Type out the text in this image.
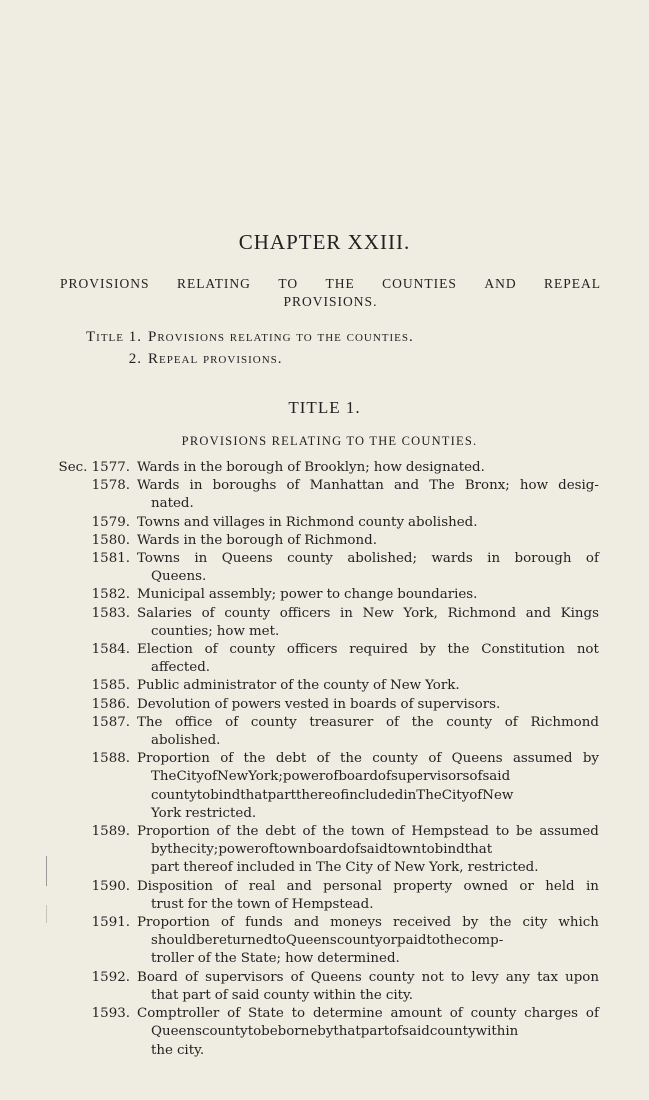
CHAPTER XXIII.
PROVISIONS RELATING TO THE COUNTIES AND REPEAL
PROVISIONS.
Title 1. Provisions relating to the counties.
2. Repeal provisions.
TITLE 1.
PROVISIONS RELATING TO THE COUNTIES.
Sec. 1577. Wards in the borough of Brooklyn; how designated.
1578. Wards in boroughs of Manhattan and The Bronx; how desig-
nated.
1579. Towns and villages in Richmond county abolished.
1580. Wards in the borough of Richmond.
1581. Towns in Queens county abolished; wards in borough of
Queens.
1582. Municipal assembly; power to change boundaries.
1583. Salaries of county officers in New York, Richmond and Kings
counties; how met.
1584. Election of county officers required by the Constitution not
affected.
1585. Public administrator of the county of New York.
1586. Devolution of powers vested in boards of supervisors.
1587. The office of county treasurer of the county of Richmond
abolished.
1588. Proportion of the debt of the county of Queens assumed by
TheCityofNewYork;powerofboardofsupervisorsofsaid
countytobindthatpartthereofincludedinTheCityofNew
York restricted.
1589. Proportion of the debt of the town of Hempstead to be assumed
bythecity;poweroftownboardofsaidtowntobindthat
part thereof included in The City of New York, restricted.
1590. Disposition of real and personal property owned or held in
trust for the town of Hempstead.
1591. Proportion of funds and moneys received by the city which
shouldbereturnedtoQueenscountyorpaidtothecomp-
troller of the State; how determined.
1592. Board of supervisors of Queens county not to levy any tax upon
that part of said county within the city.
1593. Comptroller of State to determine amount of county charges of
Queenscountytobebornebythatpartofsaidcountywithin
the city.
